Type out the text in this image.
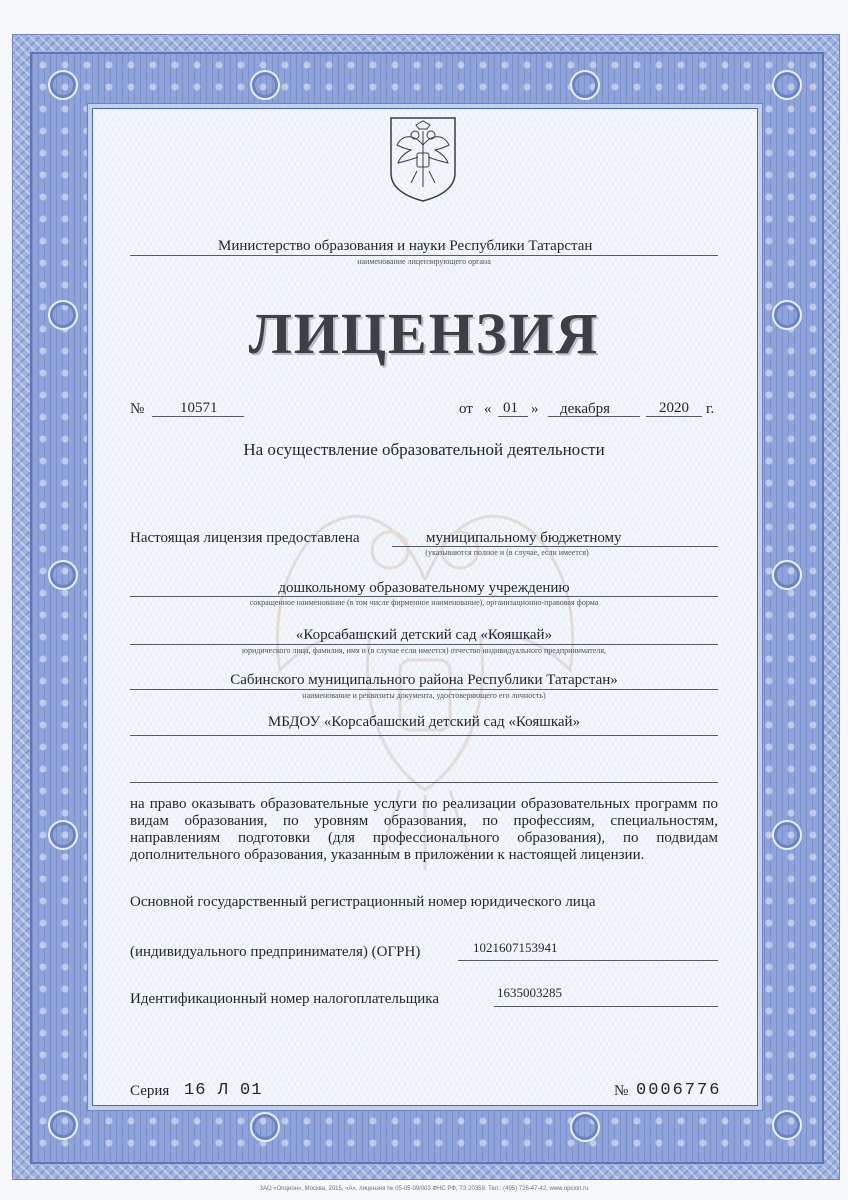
Министерство образования и науки Республики Татарстан
наименование лицензирующего органа
ЛИЦЕНЗИЯ
№ 10571	от « 01 » декабря	2020 г.
На осуществление образовательной деятельности
Настоящая лицензия предоставлена	муниципальному бюджетному
(указываются полное и (в случае, если имеется)
дошкольному образовательному учреждению
сокращенное наименование (в том числе фирменное наименование), организационно-правовая форма
«Корсабашский детский сад «Кояшкай»
юридического лица, фамилия, имя и (в случае если имеется) отчество индивидуального предпринимателя,
Сабинского муниципального района Республики Татарстан»
наименование и реквизиты документа, удостоверяющего его личность)
МБДОУ «Корсабашский детский сад «Кояшкай»
на право оказывать образовательные услуги по реализации образовательных программ по видам образования, по уровням образования, по профессиям, специальностям, направлениям подготовки (для профессионального образования), по подвидам дополнительного образования, указанным в приложении к настоящей лицензии.
Основной государственный регистрационный номер юридического лица
(индивидуального предпринимателя) (ОГРН)	1021607153941
Идентификационный номер налогоплательщика	1635003285
Серия 16 Л 01	№ 0006776
ЗАО «Опцион», Москва, 2015, «А», лицензия № 05-05-09/003 ФНС РФ, ТЗ 20359. Тел.: (495) 726-47-42, www.opcion.ru
